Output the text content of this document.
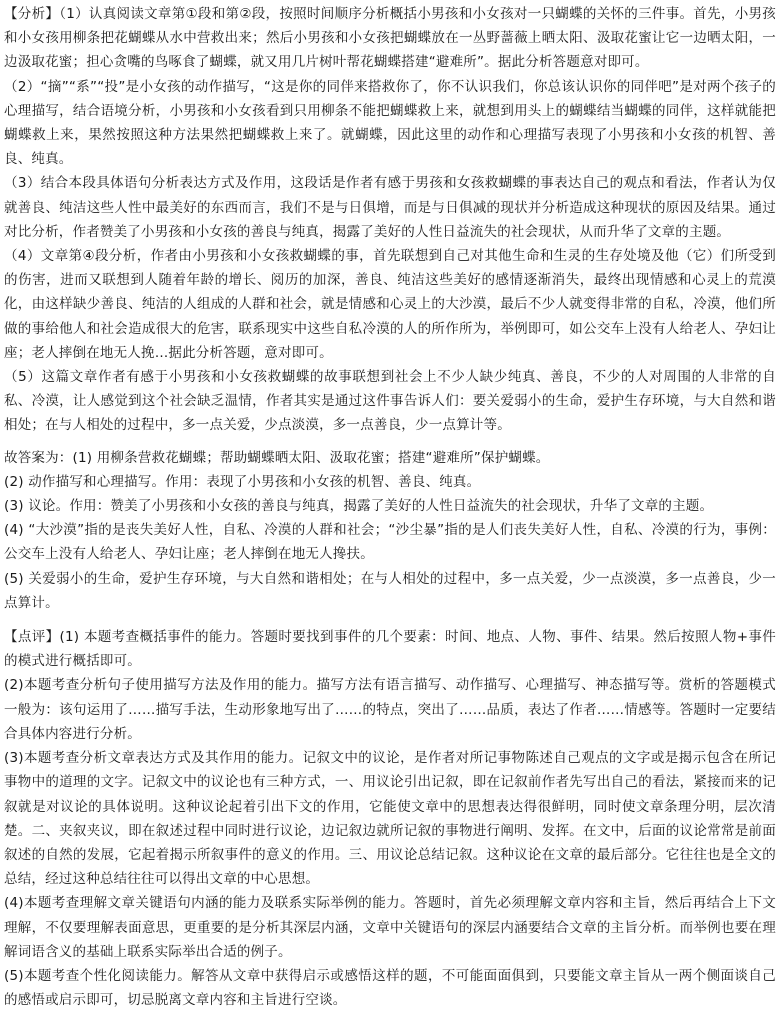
【分析】（1）认真阅读文章第①段和第②段，按照时间顺序分析概括小男孩和小女孩对一只蝴蝶的关怀的三件事。首先，小男孩和小女孩用柳条把花蝴蝶从水中营救出来；然后小男孩和小女孩把蝴蝶放在一丛野蔷薇上晒太阳、汲取花蜜让它一边晒太阳，一边汲取花蜜；担心贪嘴的鸟啄食了蝴蝶，就又用几片树叶帮花蝴蝶搭建“避难所”。据此分析答题意对即可。

（2）“摘”“系”“投”是小女孩的动作描写，“这是你的同伴来搭救你了，你不认识我们，你总该认识你的同伴吧”是对两个孩子的心理描写，结合语境分析，小男孩和小女孩看到只用柳条不能把蝴蝶救上来，就想到用头上的蝴蝶结当蝴蝶的同伴，这样就能把蝴蝶救上来，果然按照这种方法果然把蝴蝶救上来了。就蝴蝶，因此这里的动作和心理描写表现了小男孩和小女孩的机智、善良、纯真。

（3）结合本段具体语句分析表达方式及作用，这段话是作者有感于男孩和女孩救蝴蝶的事表达自己的观点和看法，作者认为仅就善良、纯洁这些人性中最美好的东西而言，我们不是与日俱增，而是与日俱减的现状并分析造成这种现状的原因及结果。通过对比分析，作者赞美了小男孩和小女孩的善良与纯真，揭露了美好的人性日益流失的社会现状，从而升华了文章的主题。

（4）文章第④段分析，作者由小男孩和小女孩救蝴蝶的事，首先联想到自己对其他生命和生灵的生存处境及他（它）们所受到的伤害，进而又联想到人随着年龄的增长、阅历的加深，善良、纯洁这些美好的感情逐渐消失，最终出现情感和心灵上的荒漠化，由这样缺少善良、纯洁的人组成的人群和社会，就是情感和心灵上的大沙漠，最后不少人就变得非常的自私，冷漠，他们所做的事给他人和社会造成很大的危害，联系现实中这些自私冷漠的人的所作所为，举例即可，如公交车上没有人给老人、孕妇让座；老人摔倒在地无人挽…据此分析答题，意对即可。

（5）这篇文章作者有感于小男孩和小女孩救蝴蝶的故事联想到社会上不少人缺少纯真、善良，不少的人对周围的人非常的自私、冷漠，让人感觉到这个社会缺乏温情，作者其实是通过这件事告诉人们：要关爱弱小的生命，爱护生存环境，与大自然和谐相处；在与人相处的过程中，多一点关爱，少点淡漠，多一点善良，少一点算计等。

故答案为：(1) 用柳条营救花蝴蝶；帮助蝴蝶晒太阳、汲取花蜜；搭建“避难所”保护蝴蝶。

(2) 动作描写和心理描写。作用：表现了小男孩和小女孩的机智、善良、纯真。

(3) 议论。作用：赞美了小男孩和小女孩的善良与纯真，揭露了美好的人性日益流失的社会现状，升华了文章的主题。

(4) “大沙漠”指的是丧失美好人性，自私、冷漠的人群和社会；“沙尘暴”指的是人们丧失美好人性，自私、冷漠的行为，事例：公交车上没有人给老人、孕妇让座；老人摔倒在地无人搀扶。

(5) 关爱弱小的生命，爱护生存环境，与大自然和谐相处；在与人相处的过程中，多一点关爱，少一点淡漠，多一点善良，少一点算计。

【点评】(1) 本题考查概括事件的能力。答题时要找到事件的几个要素：时间、地点、人物、事件、结果。然后按照人物+事件的模式进行概括即可。

(2)本题考查分析句子使用描写方法及作用的能力。描写方法有语言描写、动作描写、心理描写、神态描写等。赏析的答题模式一般为：该句运用了……描写手法，生动形象地写出了……的特点，突出了……品质，表达了作者……情感等。答题时一定要结合具体内容进行分析。

(3)本题考查分析文章表达方式及其作用的能力。记叙文中的议论，是作者对所记事物陈述自己观点的文字或是揭示包含在所记事物中的道理的文字。记叙文中的议论也有三种方式，一、用议论引出记叙，即在记叙前作者先写出自己的看法，紧接而来的记叙就是对议论的具体说明。这种议论起着引出下文的作用，它能使文章中的思想表达得很鲜明，同时使文章条理分明，层次清楚。二、夹叙夹议，即在叙述过程中同时进行议论，边记叙边就所记叙的事物进行阐明、发挥。在文中，后面的议论常常是前面叙述的自然的发展，它起着揭示所叙事件的意义的作用。三、用议论总结记叙。这种议论在文章的最后部分。它往往也是全文的总结，经过这种总结往往可以得出文章的中心思想。

(4)本题考查理解文章关键语句内涵的能力及联系实际举例的能力。答题时，首先必须理解文章内容和主旨，然后再结合上下文理解，不仅要理解表面意思，更重要的是分析其深层内涵，文章中关键语句的深层内涵要结合文章的主旨分析。而举例也要在理解词语含义的基础上联系实际举出合适的例子。

(5)本题考查个性化阅读能力。解答从文章中获得启示或感悟这样的题，不可能面面俱到，只要能文章主旨从一两个侧面谈自己的感悟或启示即可，切忌脱离文章内容和主旨进行空谈。
